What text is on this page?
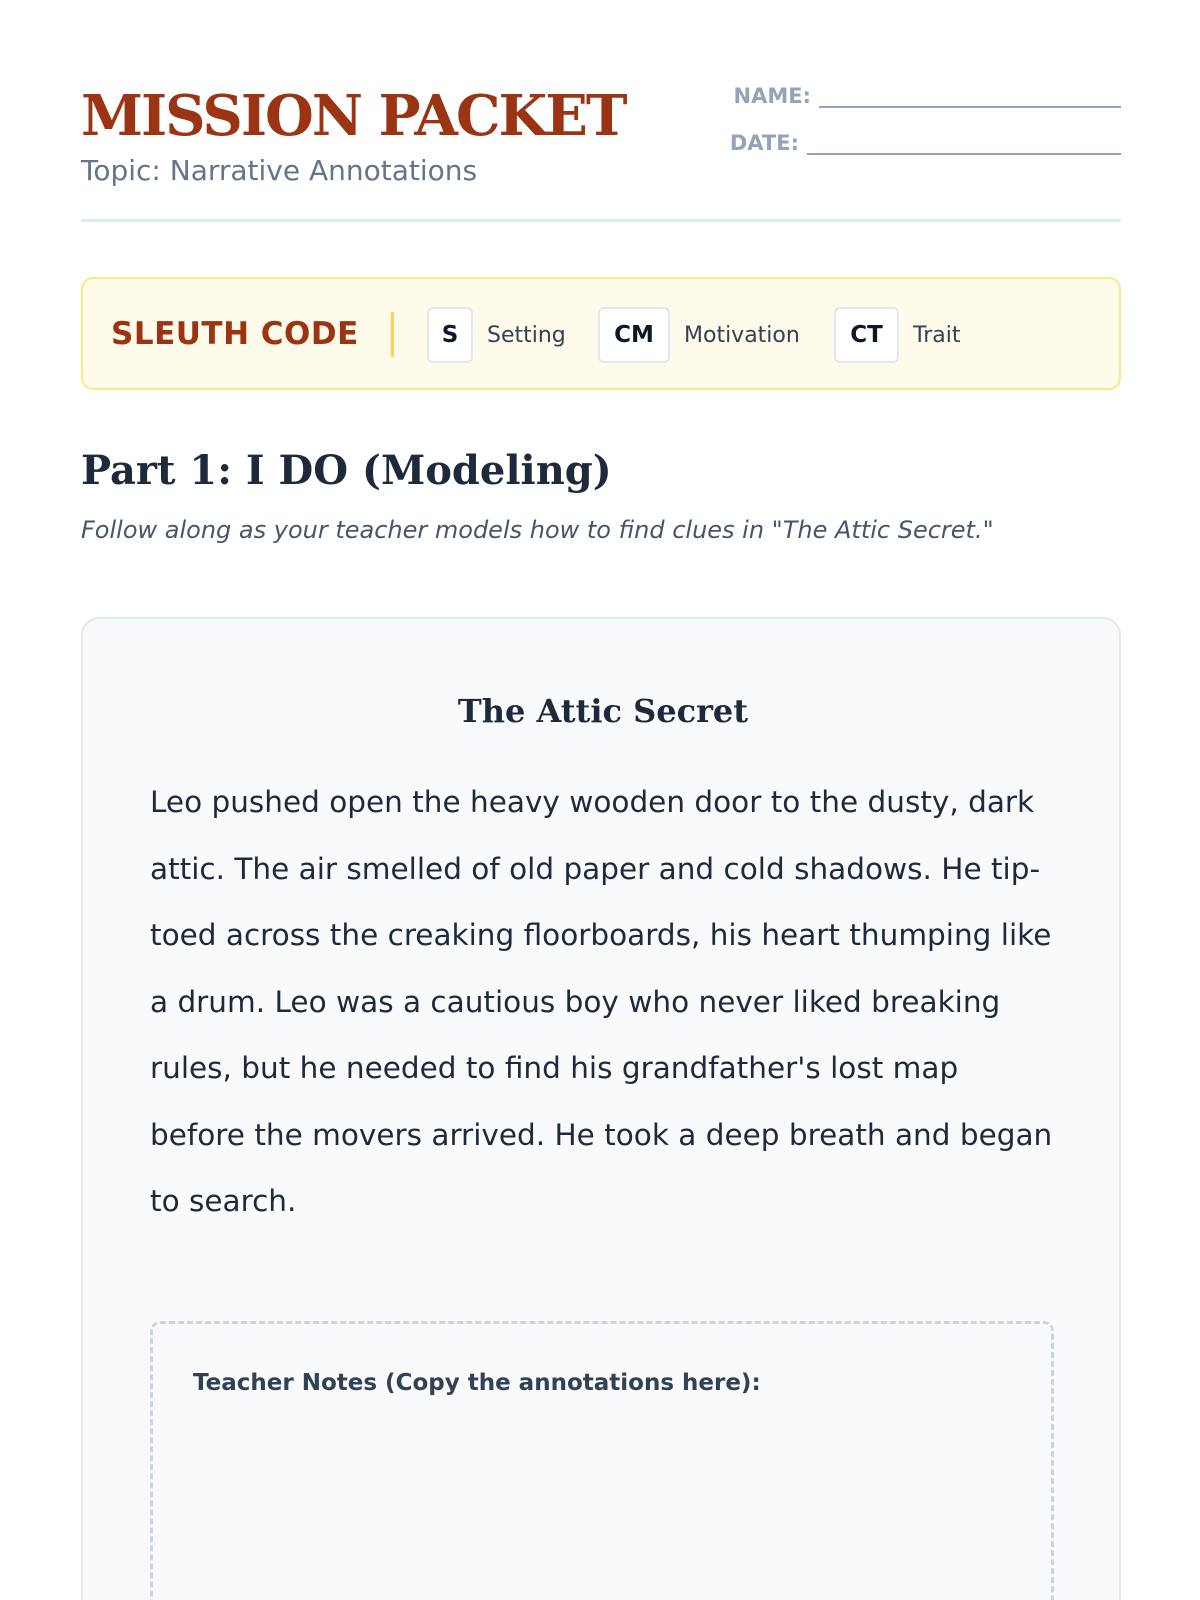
MISSION PACKET
Topic: Narrative Annotations
NAME:
DATE:
SLEUTH CODE	S	Setting	CM	Motivation	CT	Trait
Part 1: I DO (Modeling)

Follow along as your teacher models how to find clues in "The Attic Secret."

The Attic Secret

Leo pushed open the heavy wooden door to the dusty, dark attic. The air smelled of old paper and cold shadows. He tip-toed across the creaking floorboards, his heart thumping like a drum. Leo was a cautious boy who never liked breaking rules, but he needed to find his grandfather's lost map before the movers arrived. He took a deep breath and began to search.

Teacher Notes (Copy the annotations here):
